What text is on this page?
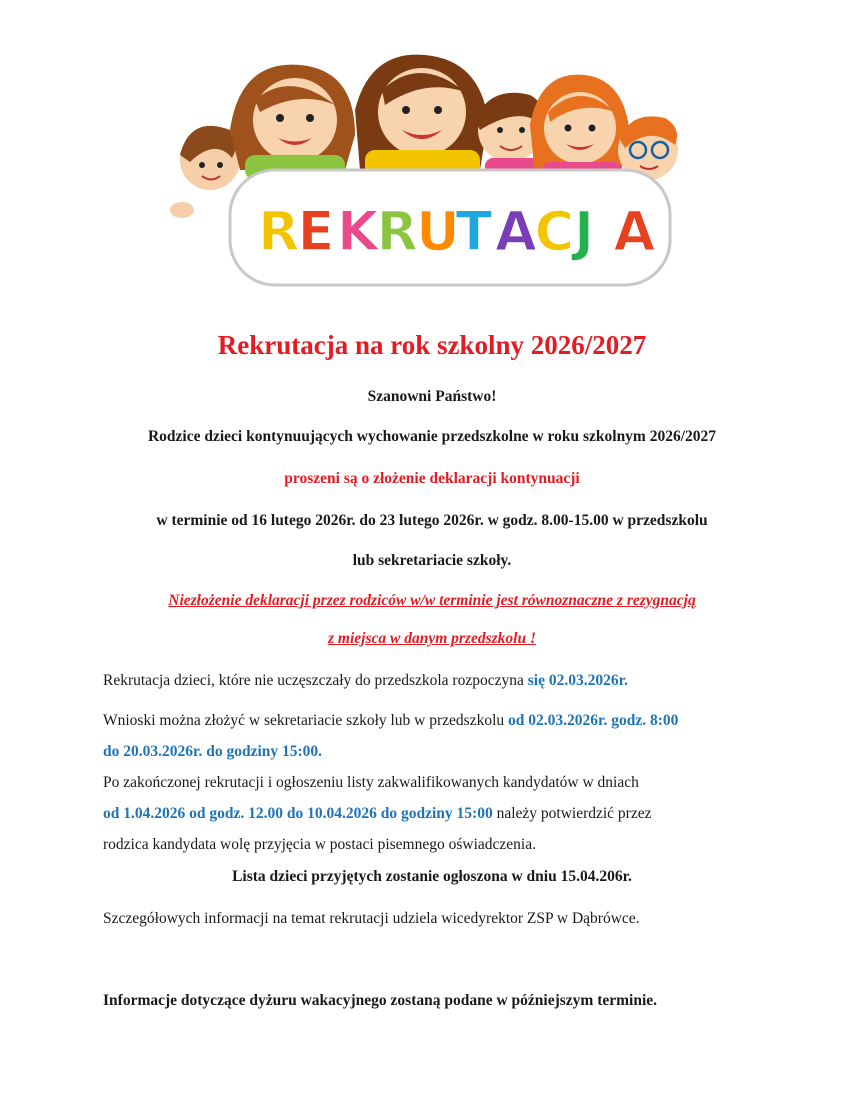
R
E K
R
U
T A
C J A
Rekrutacja na rok szkolny 2026/2027
Szanowni Państwo!
Rodzice dzieci kontynuujących wychowanie przedszkolne w roku szkolnym 2026/2027
proszeni są o złożenie deklaracji kontynuacji
w terminie od 16 lutego 2026r. do 23 lutego 2026r. w godz. 8.00-15.00 w przedszkolu
lub sekretariacie szkoły.
Niezłożenie deklaracji przez rodziców w/w terminie jest równoznaczne z rezygnacją
z miejsca w danym przedszkolu !
Rekrutacja dzieci, które nie uczęszczały do przedszkola rozpoczyna się 02.03.2026r.
Wnioski można złożyć w sekretariacie szkoły lub w przedszkolu od 02.03.2026r. godz. 8:00
do 20.03.2026r. do godziny 15:00.
Po zakończonej rekrutacji i ogłoszeniu listy zakwalifikowanych kandydatów w dniach
od 1.04.2026 od godz. 12.00 do 10.04.2026 do godziny 15:00 należy potwierdzić przez
rodzica kandydata wolę przyjęcia w postaci pisemnego oświadczenia.
Lista dzieci przyjętych zostanie ogłoszona w dniu 15.04.206r.
Szczegółowych informacji na temat rekrutacji udziela wicedyrektor ZSP w Dąbrówce.
Informacje dotyczące dyżuru wakacyjnego zostaną podane w późniejszym terminie.
